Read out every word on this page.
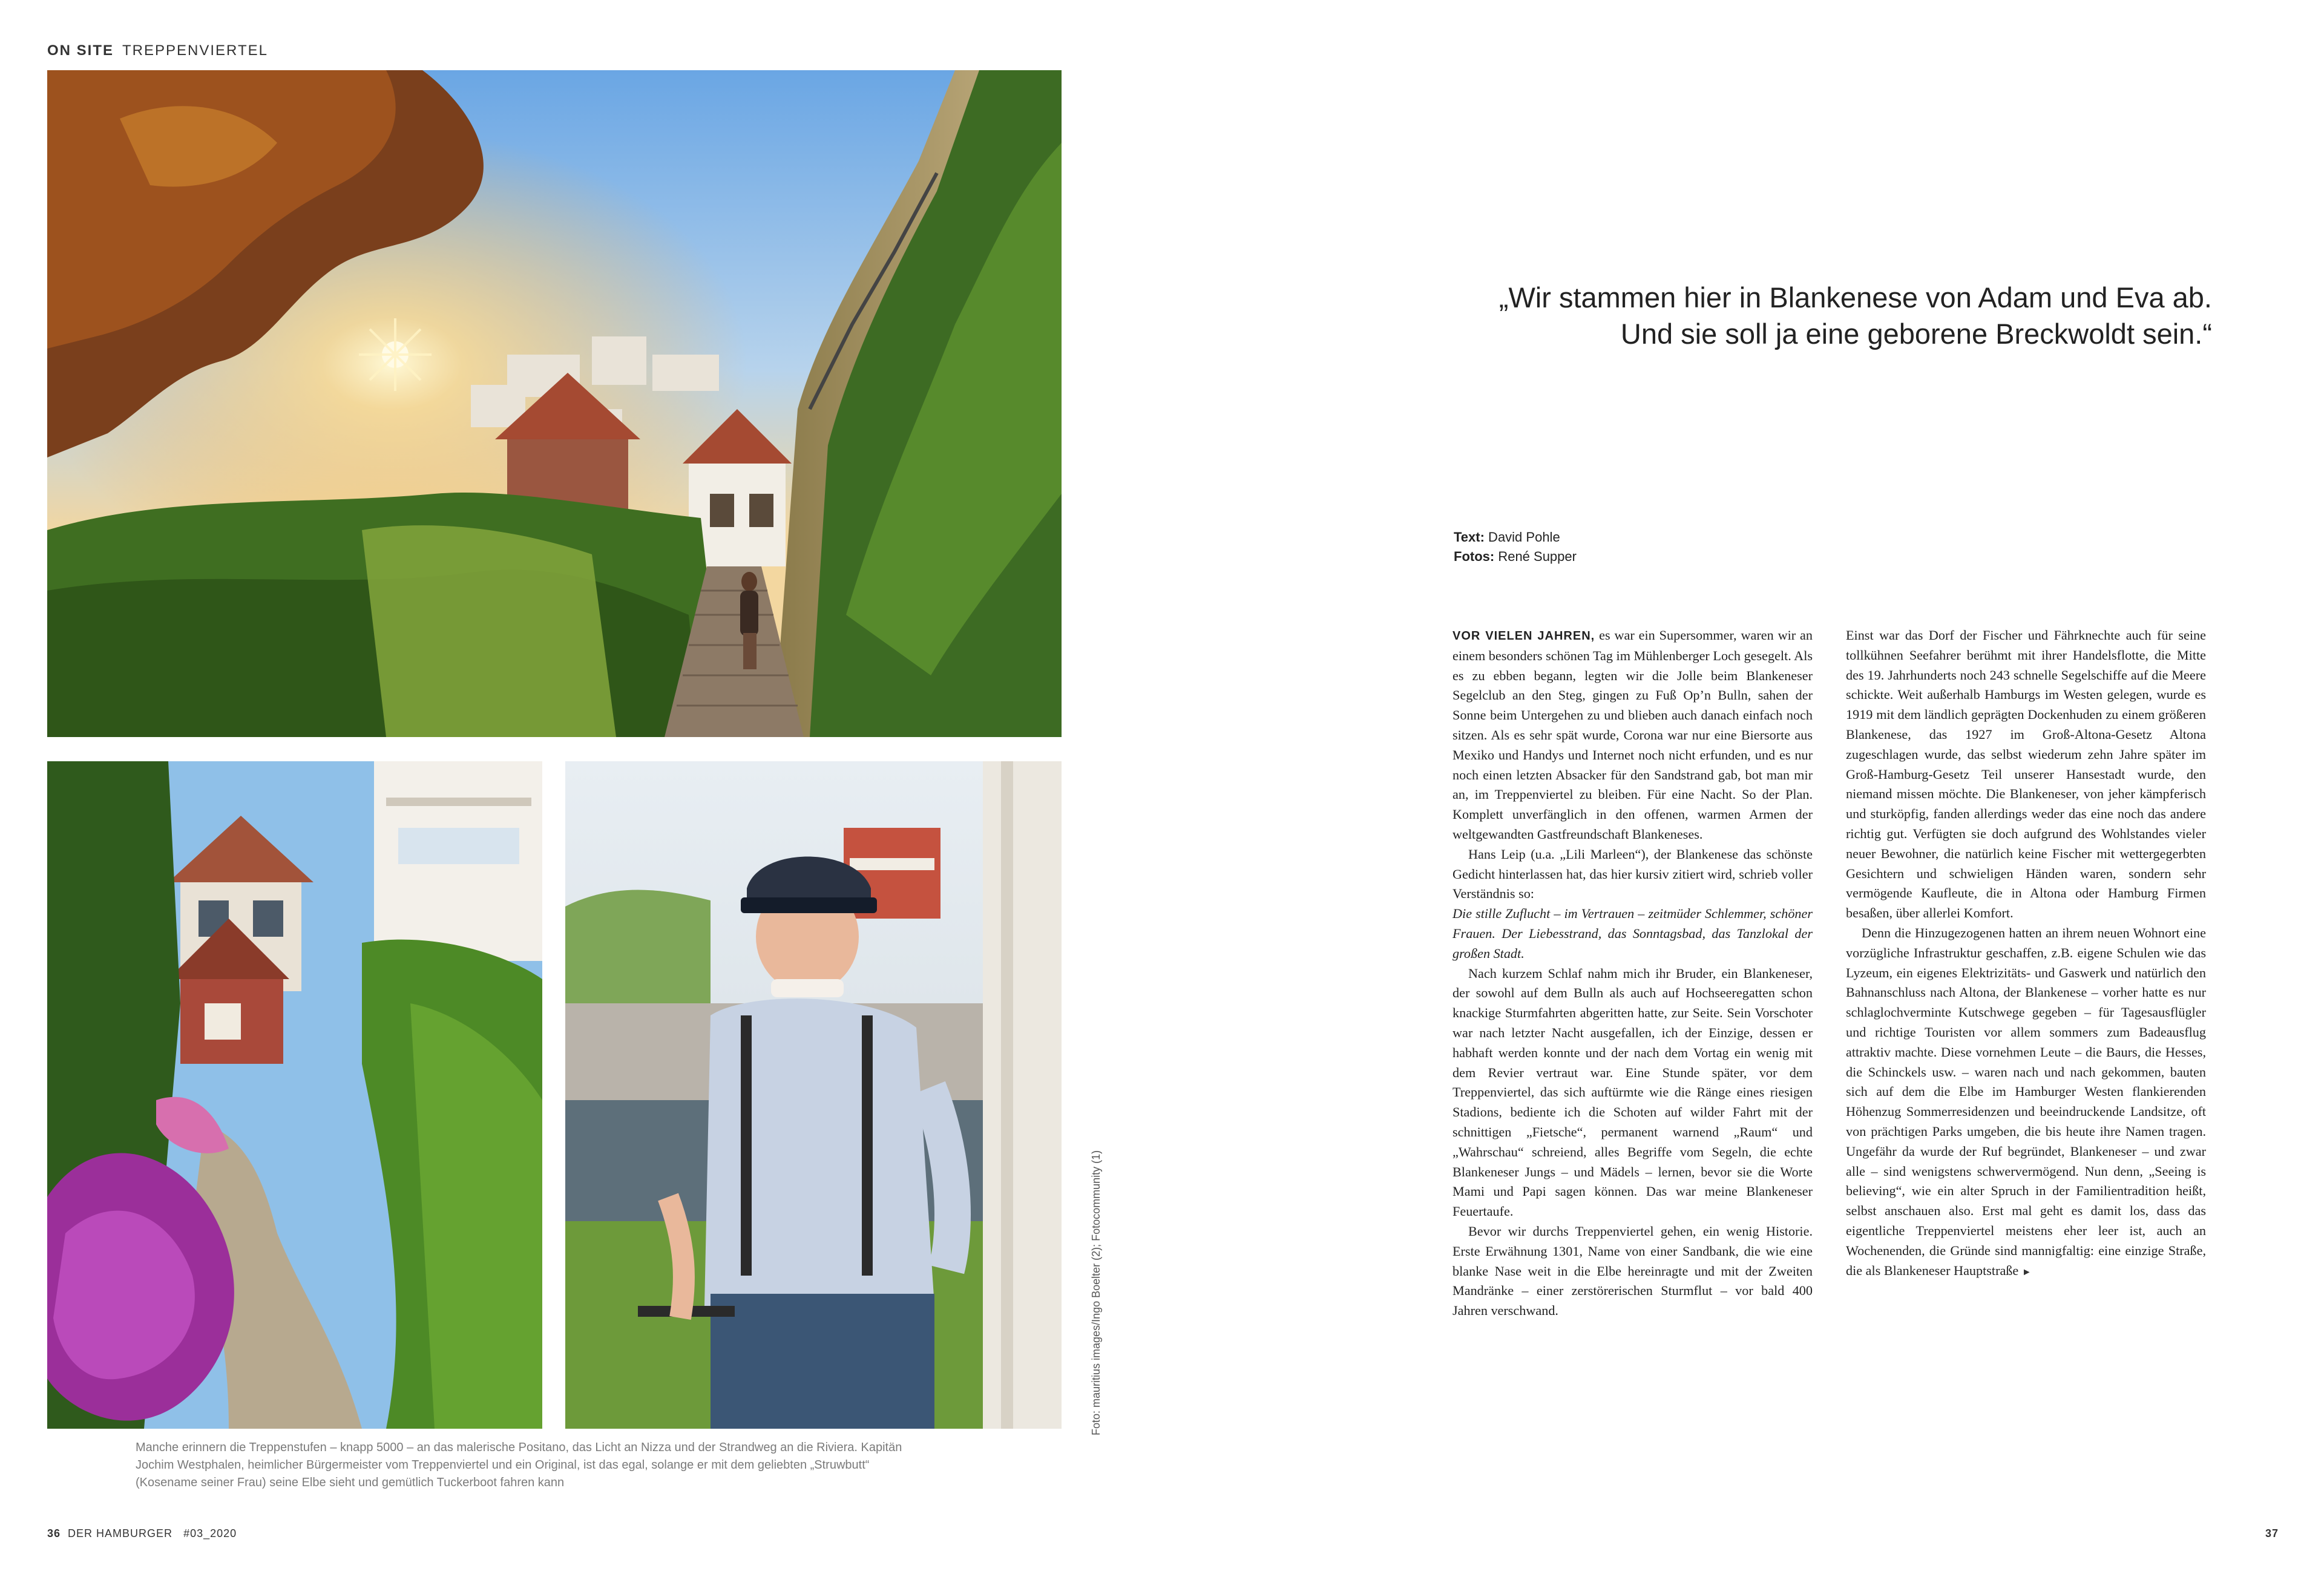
ON SITE TREPPENVIERTEL
Foto: mauritius images/Ingo Boelter (2); Fotocommunity (1)
Manche erinnern die Treppenstufen – knapp 5000 – an das malerische Positano, das Licht an Nizza und der Strandweg an die Riviera. Kapitän Jochim Westphalen, heimlicher Bürgermeister vom Treppenviertel und ein Original, ist das egal, solange er mit dem geliebten „Struwbutt“ (Kosename seiner Frau) seine Elbe sieht und gemütlich Tuckerboot fahren kann
36 DER HAMBURGER #03_2020	37
„Wir stammen hier in Blankenese von Adam und Eva ab.
Und sie soll ja eine geborene Breckwoldt sein.“
Text: David Pohle
Fotos: René Supper

VOR VIELEN JAHREN, es war ein Supersommer, waren wir an einem besonders schönen Tag im Mühlenberger Loch gesegelt. Als es zu ebben begann, legten wir die Jolle beim Blankeneser Segelclub an den Steg, gingen zu Fuß Op’n Bulln, sahen der Sonne beim Untergehen zu und blieben auch danach einfach noch sitzen. Als es sehr spät wurde, Corona war nur eine Biersorte aus Mexiko und Handys und Internet noch nicht erfunden, und es nur noch einen letzten Absacker für den Sandstrand gab, bot man mir an, im Treppenviertel zu bleiben. Für eine Nacht. So der Plan. Komplett unverfänglich in den offenen, warmen Armen der weltgewandten Gastfreundschaft Blankeneses.

Hans Leip (u.a. „Lili Marleen“), der Blankenese das schönste Gedicht hinterlassen hat, das hier kursiv zitiert wird, schrieb voller Verständnis so:

Die stille Zuflucht – im Vertrauen – zeitmüder Schlemmer, schöner Frauen. Der Liebesstrand, das Sonntagsbad, das Tanzlokal der großen Stadt.

Nach kurzem Schlaf nahm mich ihr Bruder, ein Blankeneser, der sowohl auf dem Bulln als auch auf Hochseeregatten schon knackige Sturmfahrten abgeritten hatte, zur Seite. Sein Vorschoter war nach letzter Nacht ausgefallen, ich der Einzige, dessen er habhaft werden konnte und der nach dem Vortag ein wenig mit dem Revier vertraut war. Eine Stunde später, vor dem Treppenviertel, das sich auftürmte wie die Ränge eines riesigen Stadions, bediente ich die Schoten auf wilder Fahrt mit der schnittigen „Fietsche“, permanent warnend „Raum“ und „Wahrschau“ schreiend, alles Begriffe vom Segeln, die echte Blankeneser Jungs – und Mädels – lernen, bevor sie die Worte Mami und Papi sagen können. Das war meine Blankeneser Feuertaufe.

Bevor wir durchs Treppenviertel gehen, ein wenig Historie. Erste Erwähnung 1301, Name von einer Sandbank, die wie eine blanke Nase weit in die Elbe hereinragte und mit der Zweiten Mandränke – einer zerstörerischen Sturmflut – vor bald 400 Jahren verschwand.

Einst war das Dorf der Fischer und Fährknechte auch für seine tollkühnen Seefahrer berühmt mit ihrer Handelsflotte, die Mitte des 19. Jahrhunderts noch 243 schnelle Segelschiffe auf die Meere schickte. Weit außerhalb Hamburgs im Westen gelegen, wurde es 1919 mit dem ländlich geprägten Dockenhuden zu einem größeren Blankenese, das 1927 im Groß-Altona-Gesetz Altona zugeschlagen wurde, das selbst wiederum zehn Jahre später im Groß-Hamburg-Gesetz Teil unserer Hansestadt wurde, den niemand missen möchte. Die Blankeneser, von jeher kämpferisch und sturköpfig, fanden allerdings weder das eine noch das andere richtig gut. Verfügten sie doch aufgrund des Wohlstandes vieler neuer Bewohner, die natürlich keine Fischer mit wettergegerbten Gesichtern und schwieligen Händen waren, sondern sehr vermögende Kaufleute, die in Altona oder Hamburg Firmen besaßen, über allerlei Komfort.

Denn die Hinzugezogenen hatten an ihrem neuen Wohnort eine vorzügliche Infrastruktur geschaffen, z.B. eigene Schulen wie das Lyzeum, ein eigenes Elektrizitäts- und Gaswerk und natürlich den Bahnanschluss nach Altona, der Blankenese – vorher hatte es nur schlaglochverminte Kutschwege gegeben – für Tagesausflügler und richtige Touristen vor allem sommers zum Badeausflug attraktiv machte. Diese vornehmen Leute – die Baurs, die Hesses, die Schinckels usw. – waren nach und nach gekommen, bauten sich auf dem die Elbe im Hamburger Westen flankierenden Höhenzug Sommerresidenzen und beeindruckende Landsitze, oft von prächtigen Parks umgeben, die bis heute ihre Namen tragen. Ungefähr da wurde der Ruf begründet, Blankeneser – und zwar alle – sind wenigstens schwervermögend. Nun denn, „Seeing is believing“, wie ein alter Spruch in der Familientradition heißt, selbst anschauen also. Erst mal geht es damit los, dass das eigentliche Treppenviertel meistens eher leer ist, auch an Wochenenden, die Gründe sind mannigfaltig: eine einzige Straße, die als Blankeneser Hauptstraße ►
